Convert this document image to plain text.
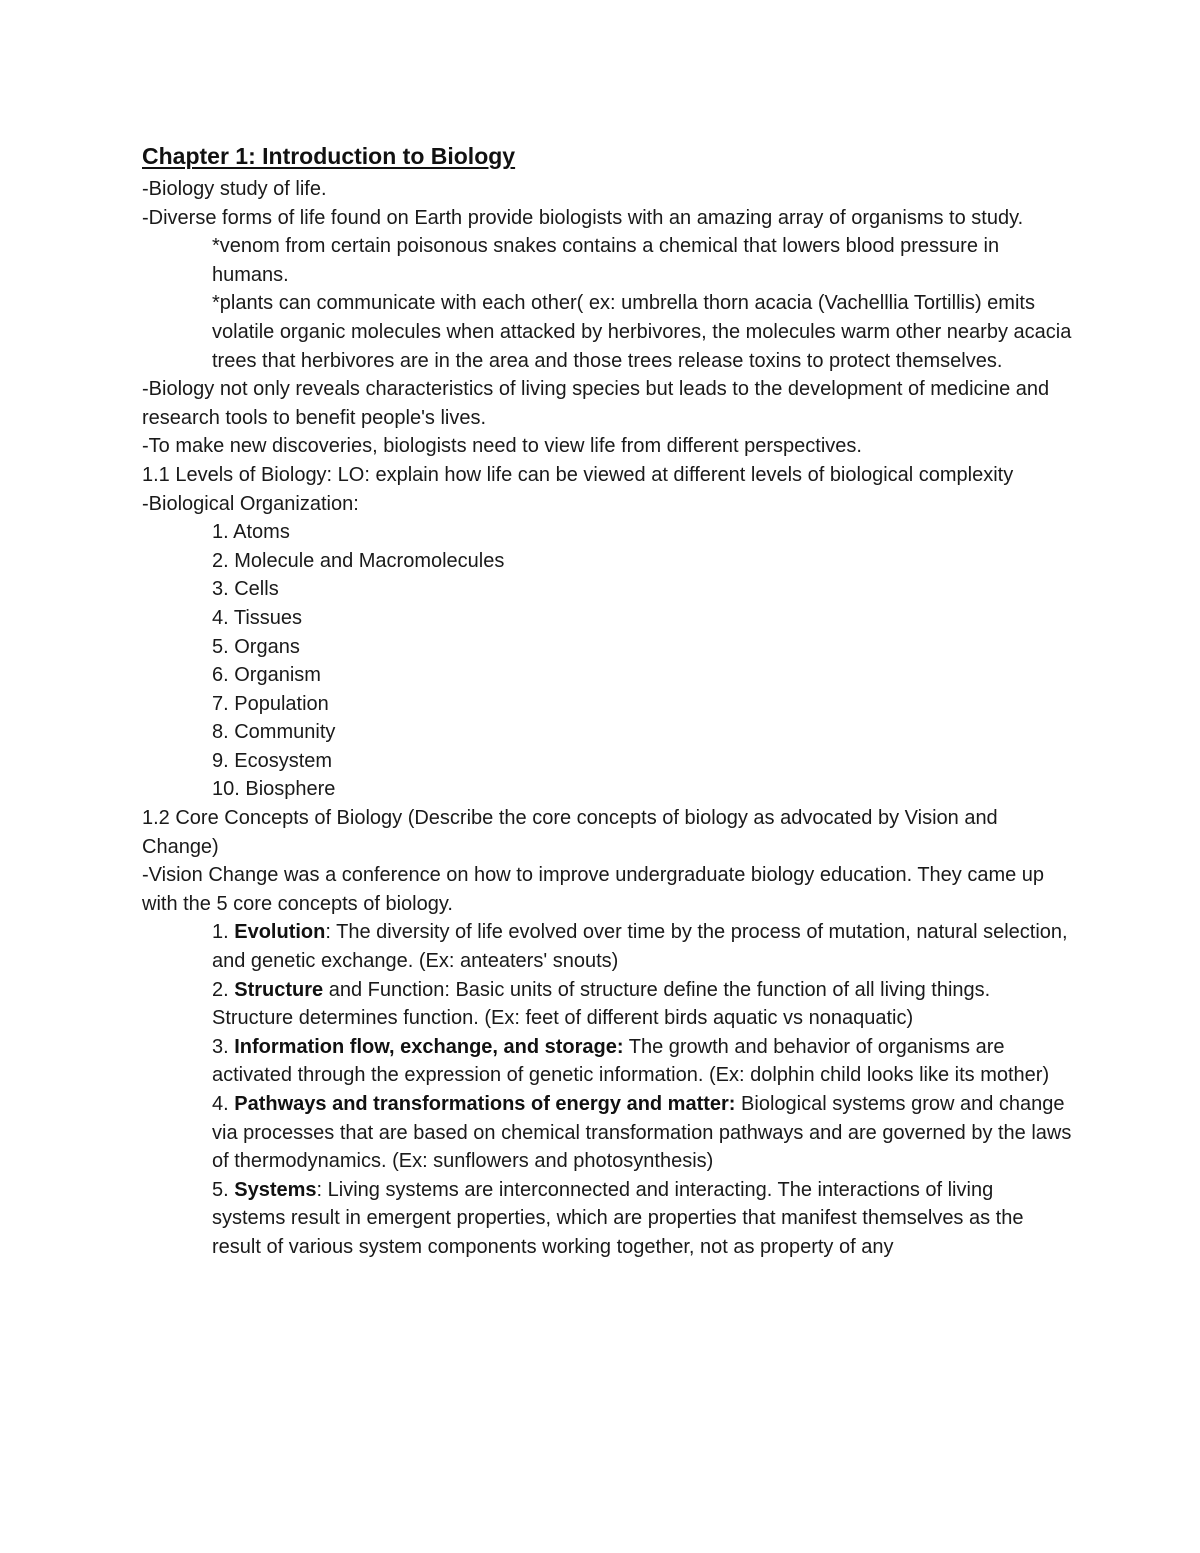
Chapter 1: Introduction to Biology

-Biology study of life.

-Diverse forms of life found on Earth provide biologists with an amazing array of organisms to study.

*venom from certain poisonous snakes contains a chemical that lowers blood pressure in humans.

*plants can communicate with each other( ex: umbrella thorn acacia (Vachelllia Tortillis) emits volatile organic molecules when attacked by herbivores, the molecules warm other nearby acacia trees that herbivores are in the area and those trees release toxins to protect themselves.

-Biology not only reveals characteristics of living species but leads to the development of medicine and research tools to benefit people's lives.

-To make new discoveries, biologists need to view life from different perspectives.

1.1 Levels of Biology: LO: explain how life can be viewed at different levels of biological complexity

-Biological Organization:

1. Atoms

2. Molecule and Macromolecules

3. Cells

4. Tissues

5. Organs

6. Organism

7. Population

8. Community

9. Ecosystem

10. Biosphere

1.2 Core Concepts of Biology (Describe the core concepts of biology as advocated by Vision and Change)

-Vision Change was a conference on how to improve undergraduate biology education. They came up with the 5 core concepts of biology.

1. Evolution: The diversity of life evolved over time by the process of mutation, natural selection, and genetic exchange. (Ex: anteaters' snouts)

2. Structure and Function: Basic units of structure define the function of all living things. Structure determines function. (Ex: feet of different birds aquatic vs nonaquatic)

3. Information flow, exchange, and storage: The growth and behavior of organisms are activated through the expression of genetic information. (Ex: dolphin child looks like its mother)

4. Pathways and transformations of energy and matter: Biological systems grow and change via processes that are based on chemical transformation pathways and are governed by the laws of thermodynamics. (Ex: sunflowers and photosynthesis)

5. Systems: Living systems are interconnected and interacting. The interactions of living systems result in emergent properties, which are properties that manifest themselves as the result of various system components working together, not as property of any
